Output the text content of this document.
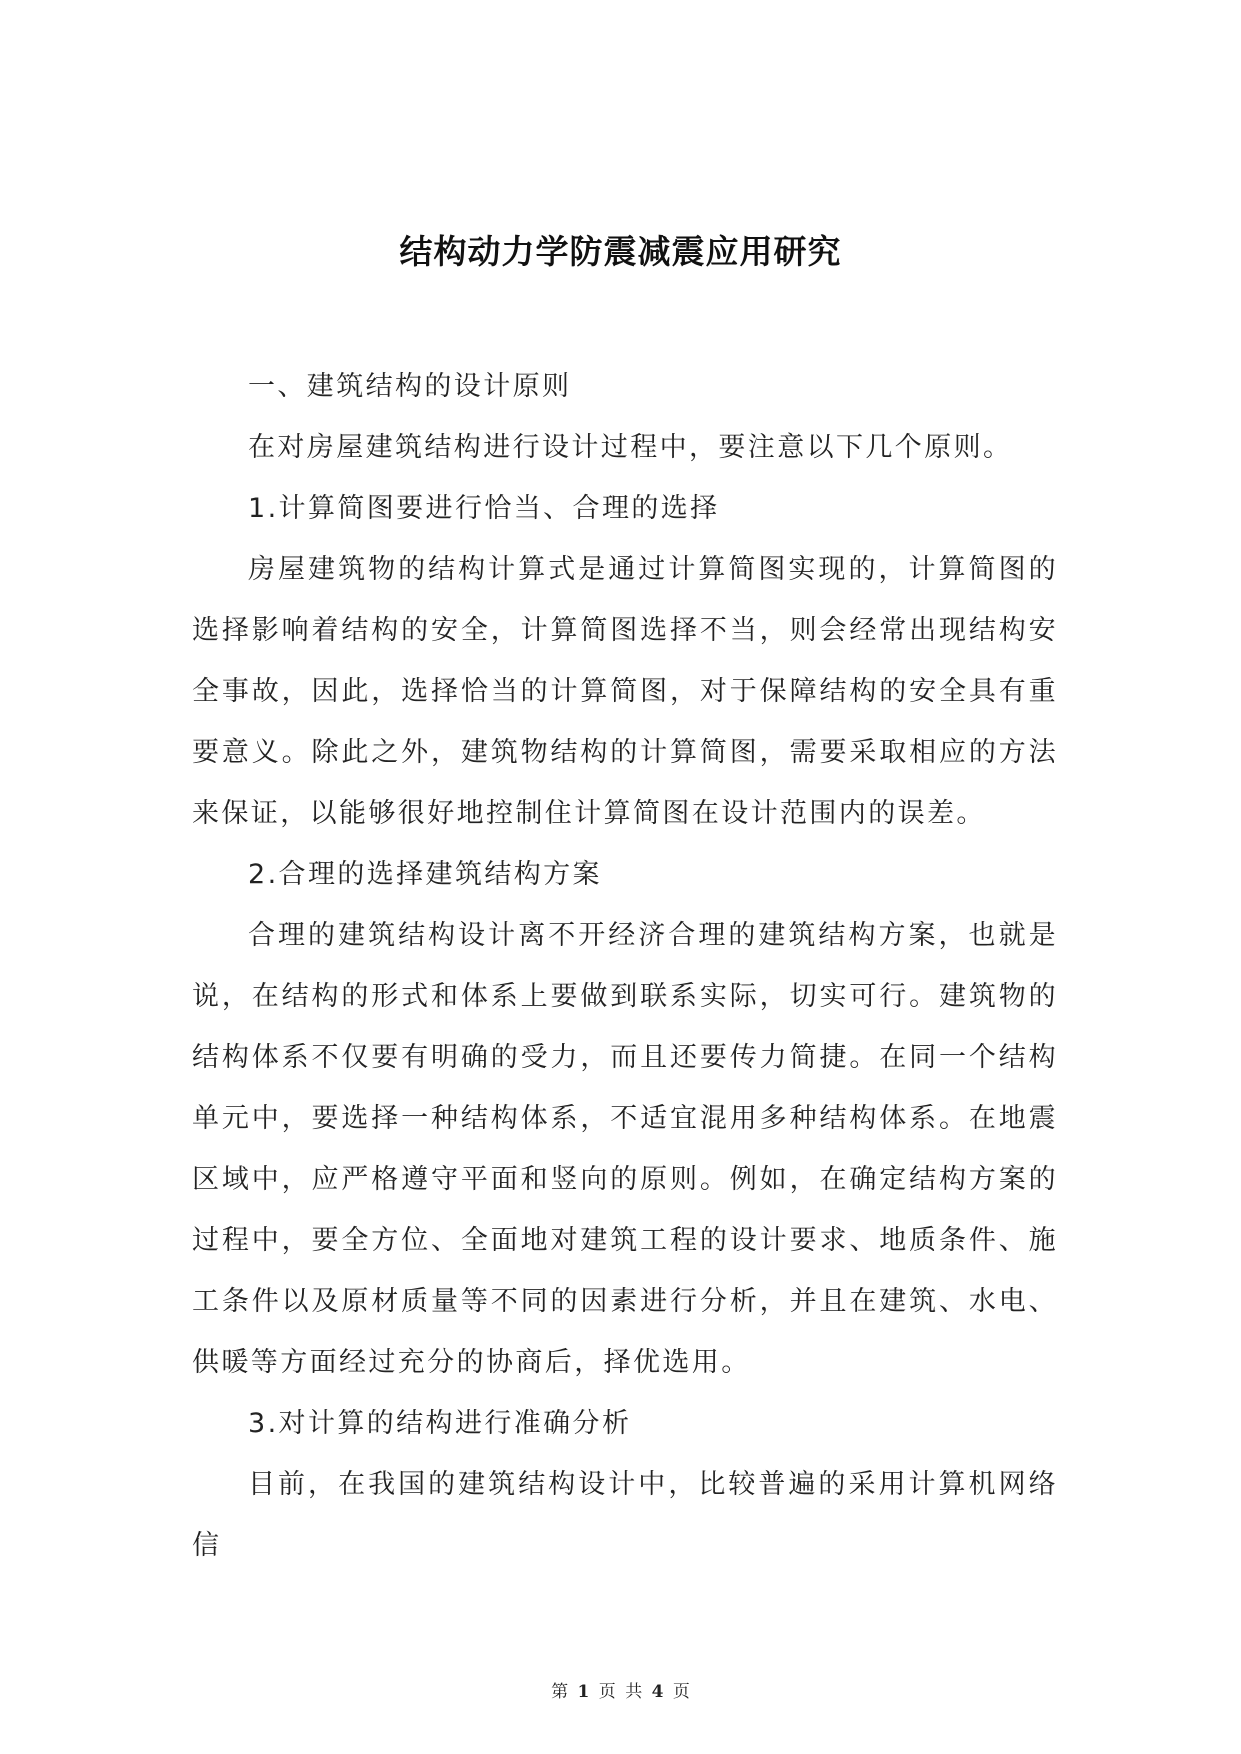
结构动力学防震减震应用研究

一、建筑结构的设计原则

在对房屋建筑结构进行设计过程中，要注意以下几个原则。

1.计算简图要进行恰当、合理的选择

房屋建筑物的结构计算式是通过计算简图实现的，计算简图的选择影响着结构的安全，计算简图选择不当，则会经常出现结构安全事故，因此，选择恰当的计算简图，对于保障结构的安全具有重要意义。除此之外，建筑物结构的计算简图，需要采取相应的方法来保证，以能够很好地控制住计算简图在设计范围内的误差。

2.合理的选择建筑结构方案

合理的建筑结构设计离不开经济合理的建筑结构方案，也就是说，在结构的形式和体系上要做到联系实际，切实可行。建筑物的结构体系不仅要有明确的受力，而且还要传力简捷。在同一个结构单元中，要选择一种结构体系，不适宜混用多种结构体系。在地震区域中，应严格遵守平面和竖向的原则。例如，在确定结构方案的过程中，要全方位、全面地对建筑工程的设计要求、地质条件、施工条件以及原材质量等不同的因素进行分析，并且在建筑、水电、供暖等方面经过充分的协商后，择优选用。

3.对计算的结构进行准确分析

目前，在我国的建筑结构设计中，比较普遍的采用计算机网络信

第 1 页 共 4 页
